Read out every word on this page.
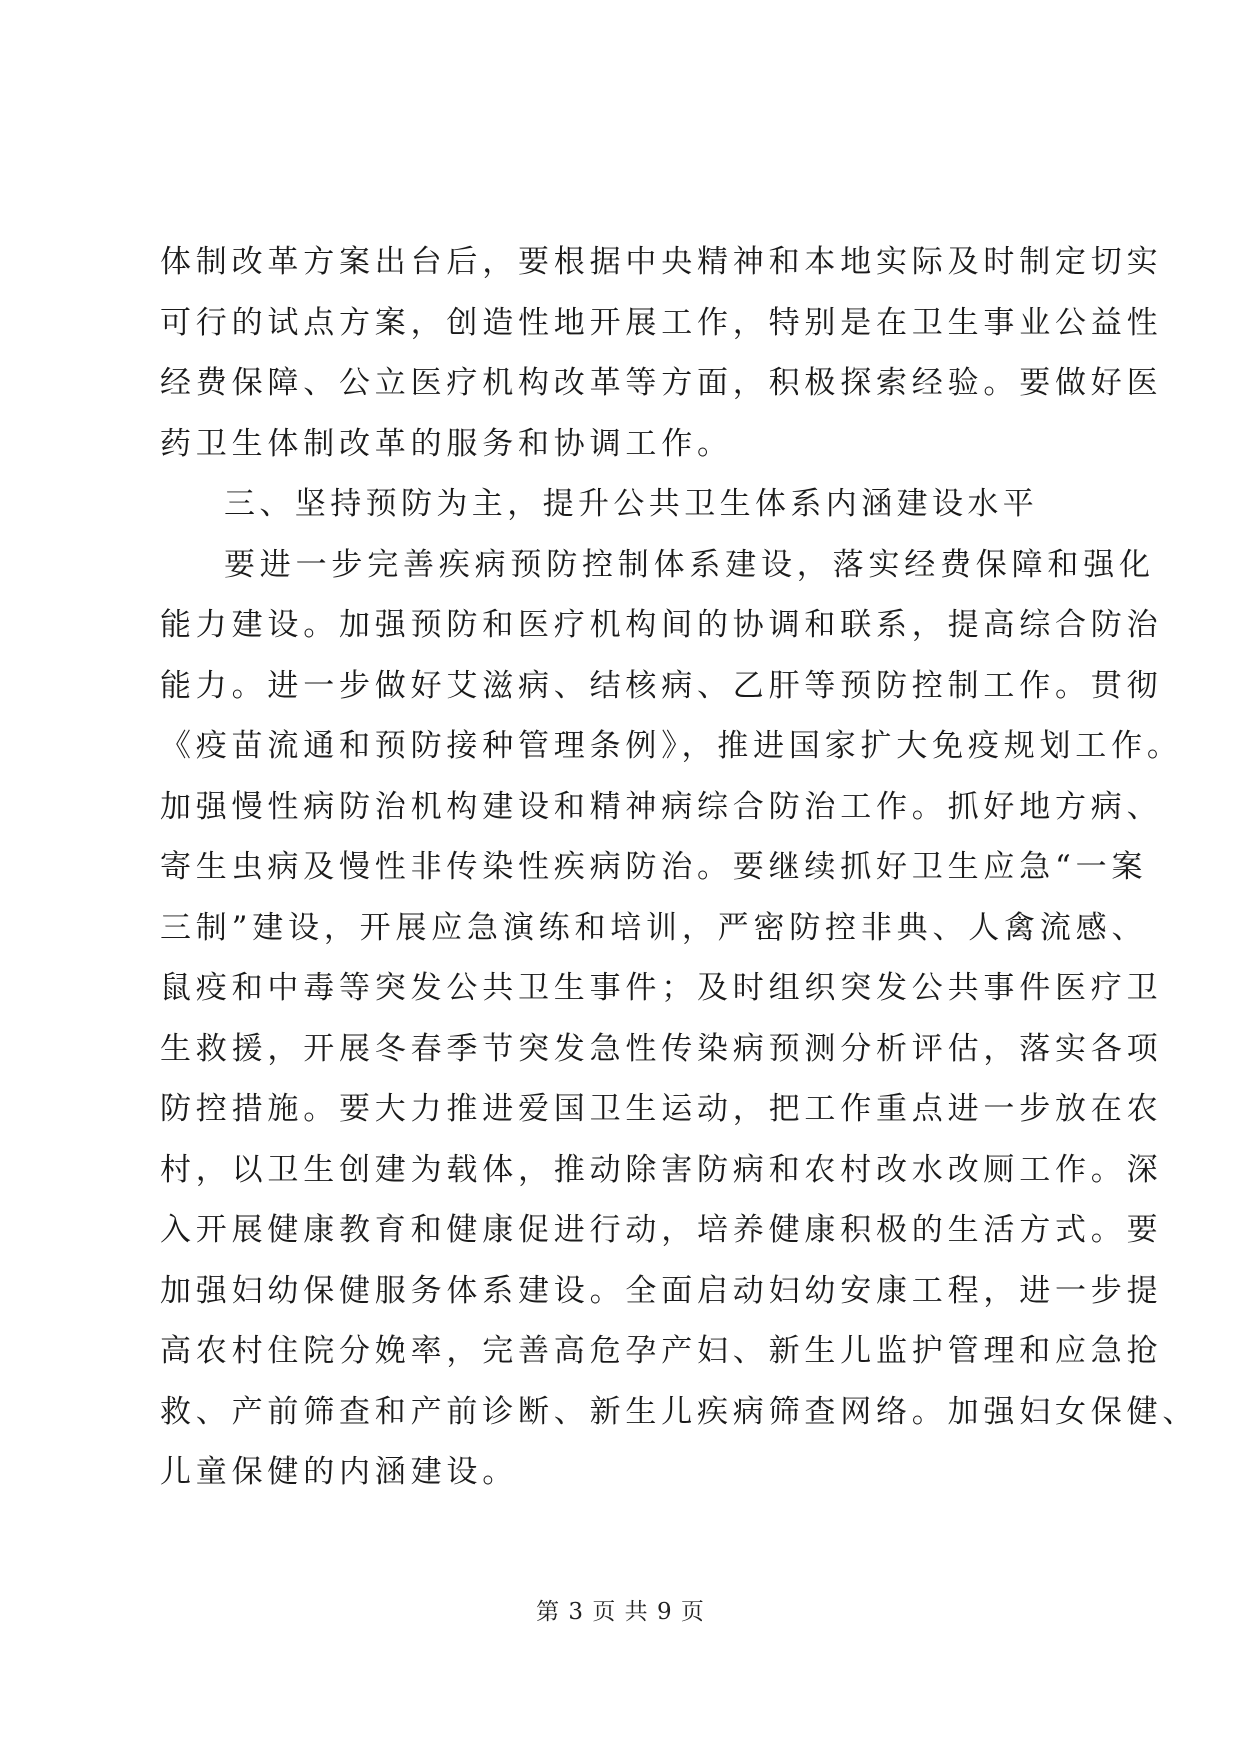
体制改革方案出台后，要根据中央精神和本地实际及时制定切实
可行的试点方案，创造性地开展工作，特别是在卫生事业公益性
经费保障、公立医疗机构改革等方面，积极探索经验。要做好医
药卫生体制改革的服务和协调工作。
三、坚持预防为主，提升公共卫生体系内涵建设水平
要进一步完善疾病预防控制体系建设，落实经费保障和强化
能力建设。加强预防和医疗机构间的协调和联系，提高综合防治
能力。进一步做好艾滋病、结核病、乙肝等预防控制工作。贯彻
《疫苗流通和预防接种管理条例》，推进国家扩大免疫规划工作。
加强慢性病防治机构建设和精神病综合防治工作。抓好地方病、
寄生虫病及慢性非传染性疾病防治。要继续抓好卫生应急“一案
三制”建设，开展应急演练和培训，严密防控非典、人禽流感、
鼠疫和中毒等突发公共卫生事件；及时组织突发公共事件医疗卫
生救援，开展冬春季节突发急性传染病预测分析评估，落实各项
防控措施。要大力推进爱国卫生运动，把工作重点进一步放在农
村，以卫生创建为载体，推动除害防病和农村改水改厕工作。深
入开展健康教育和健康促进行动，培养健康积极的生活方式。要
加强妇幼保健服务体系建设。全面启动妇幼安康工程，进一步提
高农村住院分娩率，完善高危孕产妇、新生儿监护管理和应急抢
救、产前筛查和产前诊断、新生儿疾病筛查网络。加强妇女保健、
儿童保健的内涵建设。
第 3 页 共 9 页
